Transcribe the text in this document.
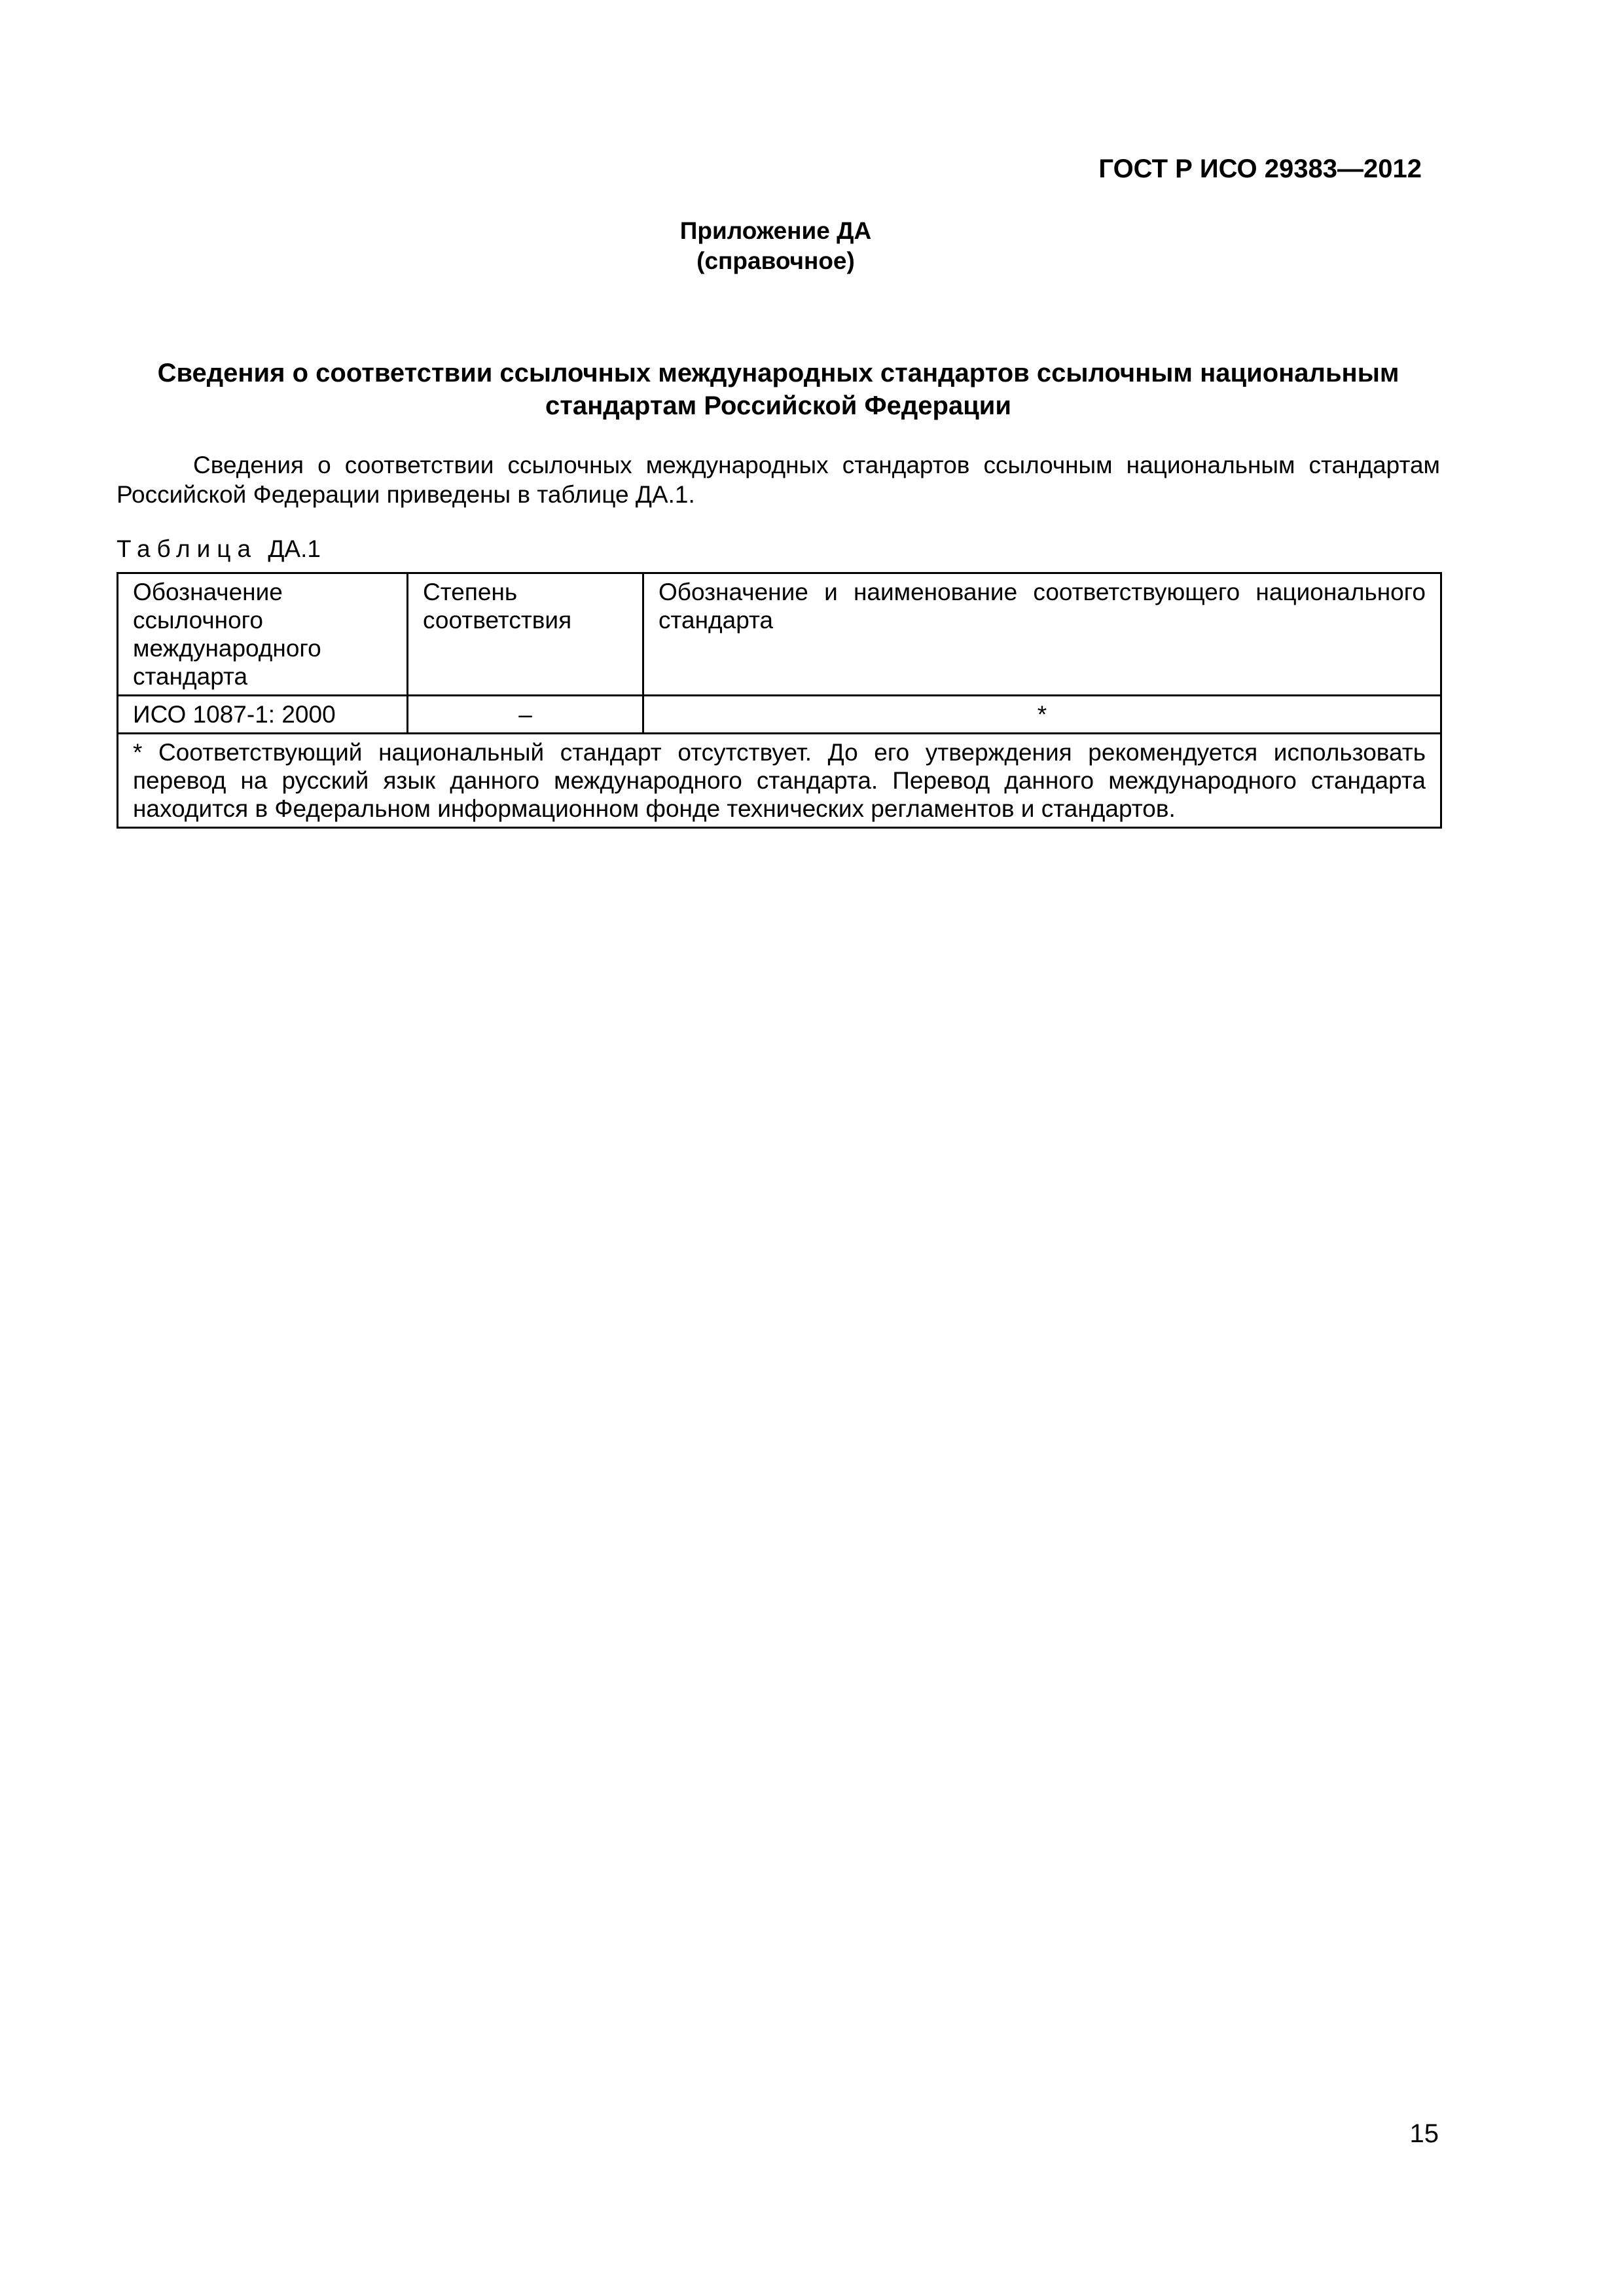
ГОСТ Р ИСО 29383—2012
Приложение ДА
(справочное)
Сведения о соответствии ссылочных международных стандартов ссылочным национальным стандартам Российской Федерации
Сведения о соответствии ссылочных международных стандартов ссылочным национальным стандартам Российской Федерации приведены в таблице ДА.1.
Таблица ДА.1
Обозначение ссылочного международного стандарта	Степень соответствия	Обозначение и наименование соответствующего национального стандарта
ИСО 1087-1: 2000	–	*
* Соответствующий национальный стандарт отсутствует. До его утверждения рекомендуется использовать перевод на русский язык данного международного стандарта. Перевод данного международного стандарта находится в Федеральном информационном фонде технических регламентов и стандартов.		
15
